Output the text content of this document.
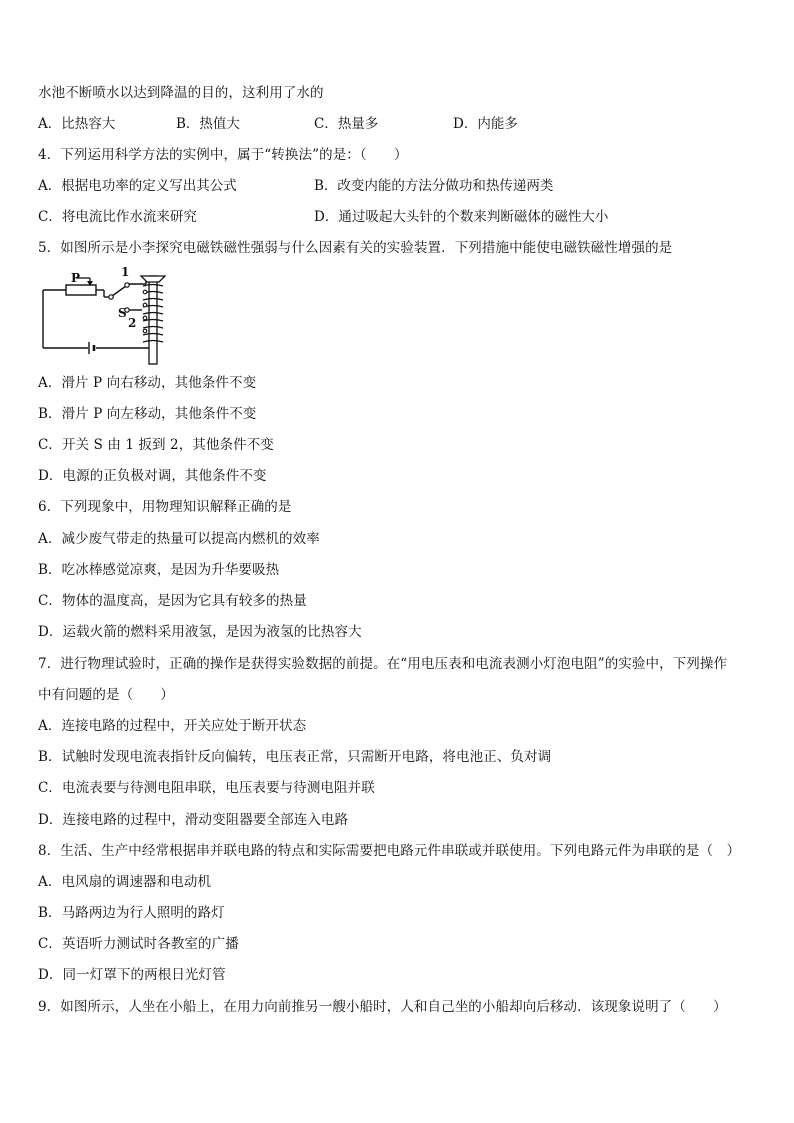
水池不断喷水以达到降温的目的，这利用了水的
A．比热容大	B．热值大	C．热量多	D．内能多
4．下列运用科学方法的实例中，属于“转换法”的是：（　　）
A．根据电功率的定义写出其公式	B．改变内能的方法分做功和热传递两类
C．将电流比作水流来研究	D．通过吸起大头针的个数来判断磁体的磁性大小
5．如图所示是小李探究电磁铁磁性强弱与什么因素有关的实验装置．下列措施中能使电磁铁磁性增强的是
P	1
S
2
A．滑片 P 向右移动，其他条件不变
B．滑片 P 向左移动，其他条件不变
C．开关 S 由 1 扳到 2，其他条件不变
D．电源的正负极对调，其他条件不变
6．下列现象中，用物理知识解释正确的是
A．减少废气带走的热量可以提高内燃机的效率
B．吃冰棒感觉凉爽，是因为升华要吸热
C．物体的温度高，是因为它具有较多的热量
D．运载火箭的燃料采用液氢，是因为液氢的比热容大
7．进行物理试验时，正确的操作是获得实验数据的前提。在“用电压表和电流表测小灯泡电阻”的实验中，下列操作
中有问题的是（　　）
A．连接电路的过程中，开关应处于断开状态
B．试触时发现电流表指针反向偏转，电压表正常，只需断开电路，将电池正、负对调
C．电流表要与待测电阻串联，电压表要与待测电阻并联
D．连接电路的过程中，滑动变阻器要全部连入电路
8．生活、生产中经常根据串并联电路的特点和实际需要把电路元件串联或并联使用。下列电路元件为串联的是（　）
A．电风扇的调速器和电动机
B．马路两边为行人照明的路灯
C．英语听力测试时各教室的广播
D．同一灯罩下的两根日光灯管
9．如图所示，人坐在小船上，在用力向前推另一艘小船时，人和自己坐的小船却向后移动．该现象说明了（　　）
